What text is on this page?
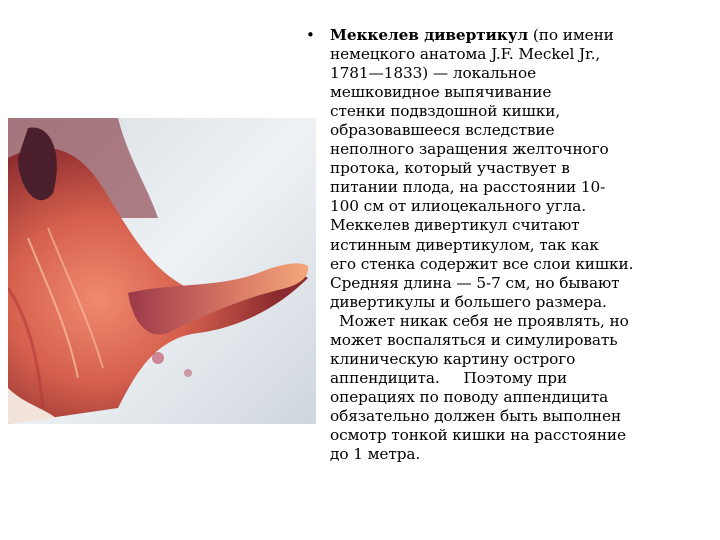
• Меккелев дивертикул (по имени
немецкого анатома J.F. Meckel Jr.,
1781—1833) — локальное
мешковидное выпячивание
стенки подвздошной кишки,
образовавшееся вследствие
неполного заращения желточного
протока, который участвует в
питании плода, на расстоянии 10-
100 см от илиоцекального угла.
Меккелев дивертикул считают
истинным дивертикулом, так как
его стенка содержит все слои кишки.
Средняя длина — 5-7 см, но бывают
дивертикулы и большего размера.
Может никак себя не проявлять, но
может воспаляться и симулировать
клиническую картину острого
аппендицита.     Поэтому при
операциях по поводу аппендицита
обязательно должен быть выполнен
осмотр тонкой кишки на расстояние
до 1 метра.
